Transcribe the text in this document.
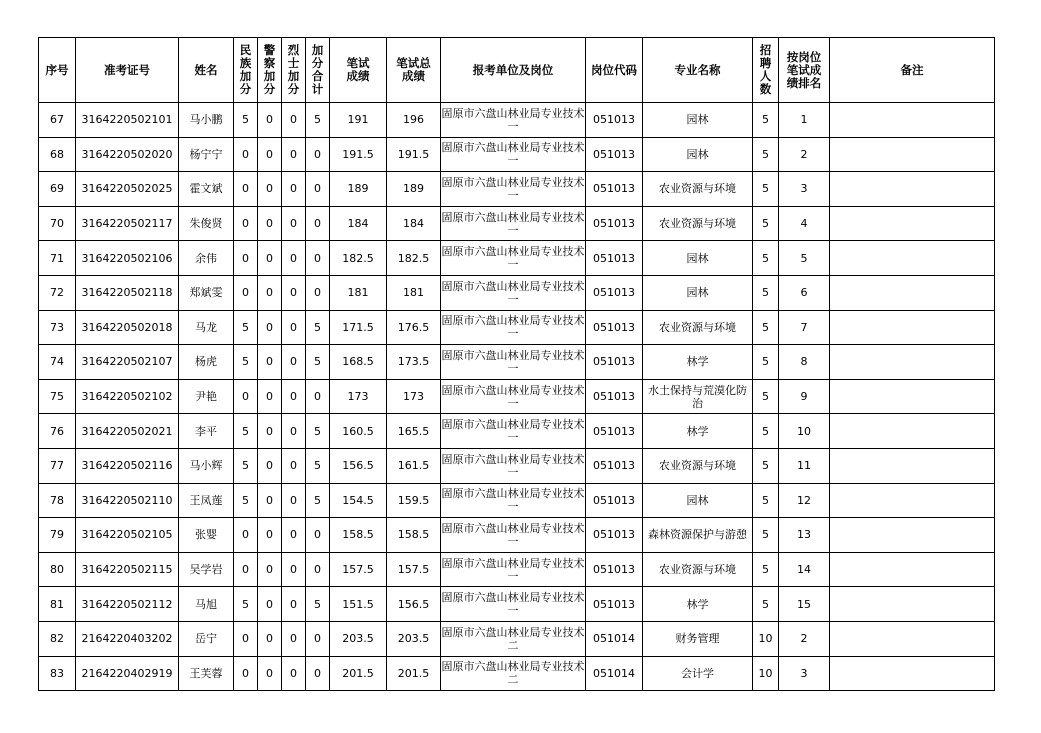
序号	准考证号	姓名	民族加分	警察加分	烈士加分	加分合计	笔试成绩	笔试总成绩	报考单位及岗位	岗位代码	专业名称	招聘人数	按岗位笔试成绩排名	备注
67	3164220502101	马小鹏	5	0	0	5	191	196	固原市六盘山林业局专业技术一	051013	园林	5	1	
68	3164220502020	杨宁宁	0	0	0	0	191.5	191.5	固原市六盘山林业局专业技术一	051013	园林	5	2	
69	3164220502025	霍文斌	0	0	0	0	189	189	固原市六盘山林业局专业技术一	051013	农业资源与环境	5	3	
70	3164220502117	朱俊贤	0	0	0	0	184	184	固原市六盘山林业局专业技术一	051013	农业资源与环境	5	4	
71	3164220502106	余伟	0	0	0	0	182.5	182.5	固原市六盘山林业局专业技术一	051013	园林	5	5	
72	3164220502118	郑斌雯	0	0	0	0	181	181	固原市六盘山林业局专业技术一	051013	园林	5	6	
73	3164220502018	马龙	5	0	0	5	171.5	176.5	固原市六盘山林业局专业技术一	051013	农业资源与环境	5	7	
74	3164220502107	杨虎	5	0	0	5	168.5	173.5	固原市六盘山林业局专业技术一	051013	林学	5	8	
75	3164220502102	尹艳	0	0	0	0	173	173	固原市六盘山林业局专业技术一	051013	水土保持与荒漠化防治	5	9	
76	3164220502021	李平	5	0	0	5	160.5	165.5	固原市六盘山林业局专业技术一	051013	林学	5	10	
77	3164220502116	马小辉	5	0	0	5	156.5	161.5	固原市六盘山林业局专业技术一	051013	农业资源与环境	5	11	
78	3164220502110	王凤莲	5	0	0	5	154.5	159.5	固原市六盘山林业局专业技术一	051013	园林	5	12	
79	3164220502105	张婴	0	0	0	0	158.5	158.5	固原市六盘山林业局专业技术一	051013	森林资源保护与游憩	5	13	
80	3164220502115	吴学岩	0	0	0	0	157.5	157.5	固原市六盘山林业局专业技术一	051013	农业资源与环境	5	14	
81	3164220502112	马旭	5	0	0	5	151.5	156.5	固原市六盘山林业局专业技术一	051013	林学	5	15	
82	2164220403202	岳宁	0	0	0	0	203.5	203.5	固原市六盘山林业局专业技术二	051014	财务管理	10	2	
83	2164220402919	王芙蓉	0	0	0	0	201.5	201.5	固原市六盘山林业局专业技术二	051014	会计学	10	3	
